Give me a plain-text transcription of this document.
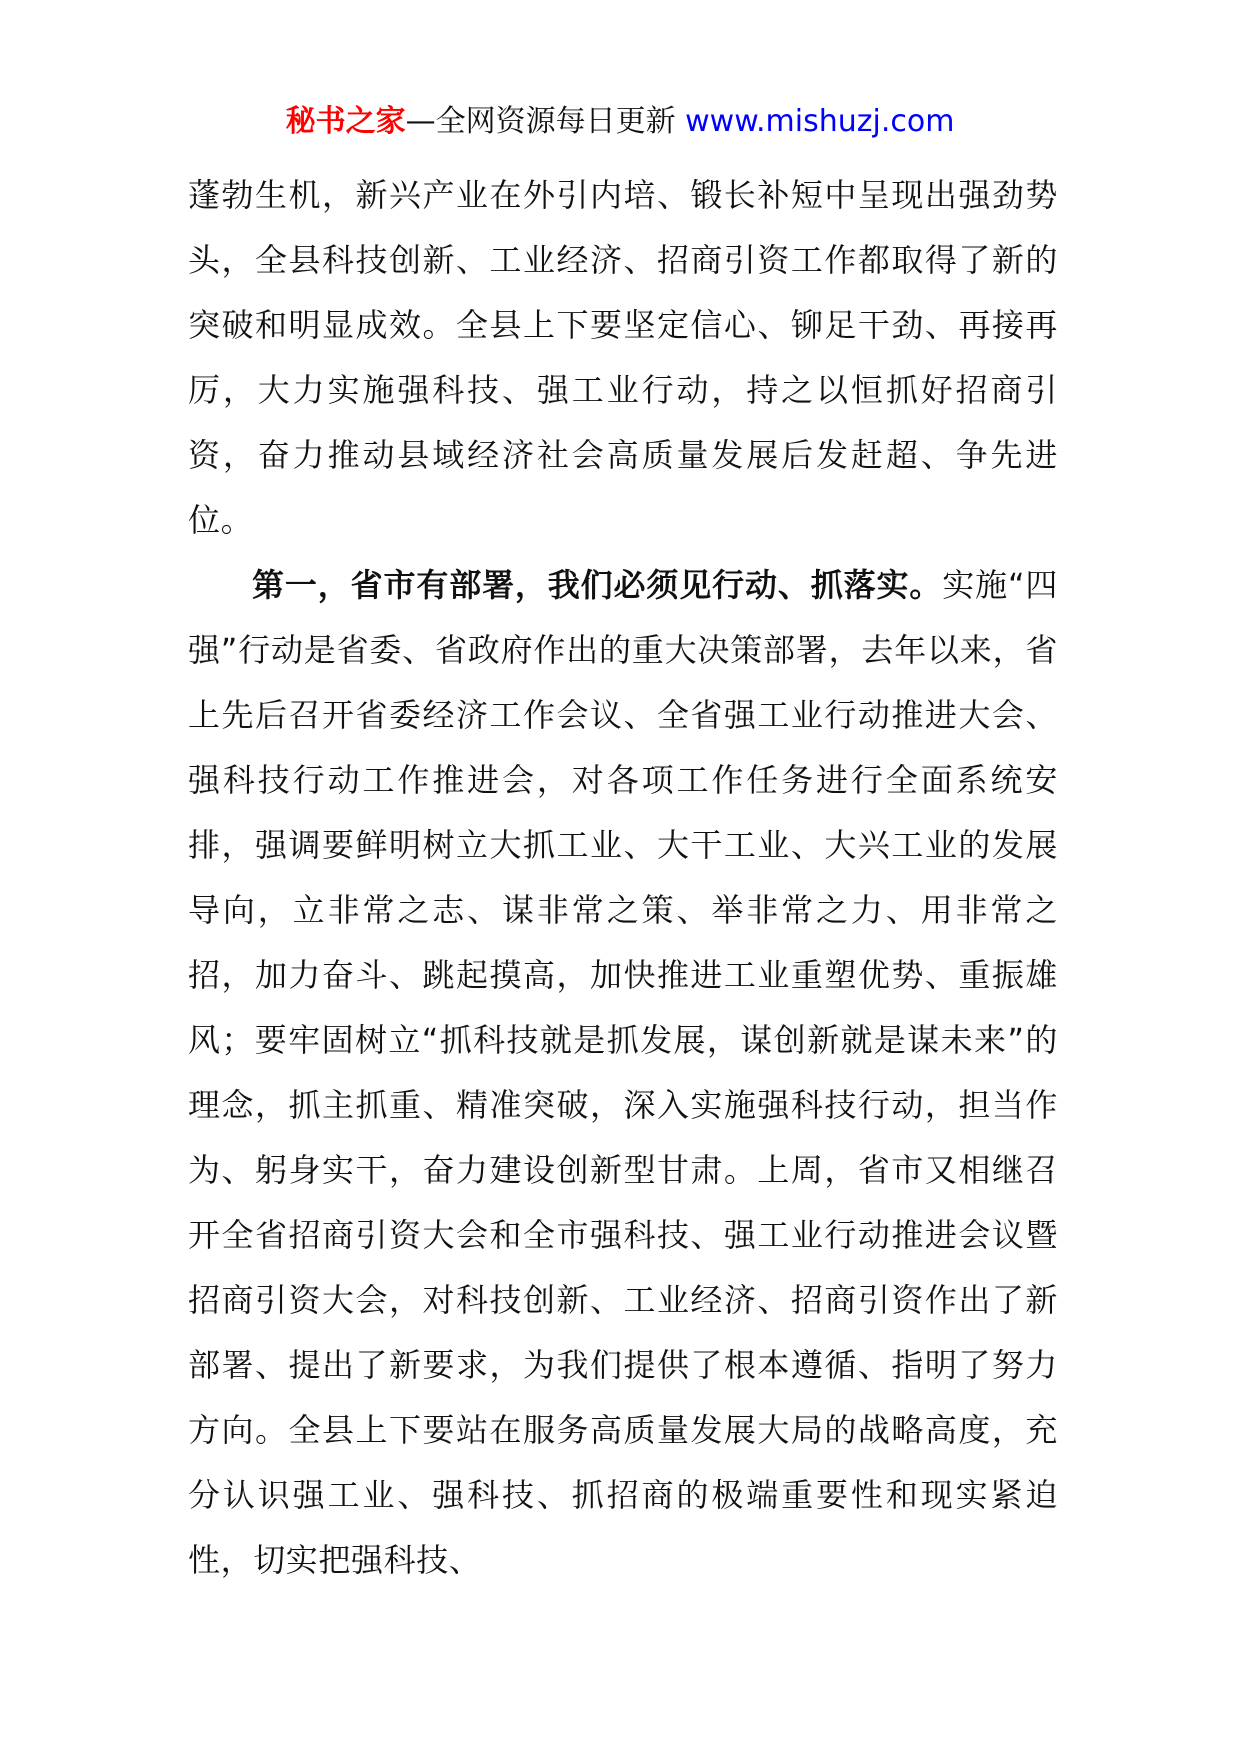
秘书之家—全网资源每日更新 www.mishuzj.com

蓬勃生机，新兴产业在外引内培、锻长补短中呈现出强劲势头，全县科技创新、工业经济、招商引资工作都取得了新的突破和明显成效。全县上下要坚定信心、铆足干劲、再接再厉，大力实施强科技、强工业行动，持之以恒抓好招商引资，奋力推动县域经济社会高质量发展后发赶超、争先进位。

第一，省市有部署，我们必须见行动、抓落实。实施“四强”行动是省委、省政府作出的重大决策部署，去年以来，省上先后召开省委经济工作会议、全省强工业行动推进大会、强科技行动工作推进会，对各项工作任务进行全面系统安排，强调要鲜明树立大抓工业、大干工业、大兴工业的发展导向，立非常之志、谋非常之策、举非常之力、用非常之招，加力奋斗、跳起摸高，加快推进工业重塑优势、重振雄风；要牢固树立“抓科技就是抓发展，谋创新就是谋未来”的理念，抓主抓重、精准突破，深入实施强科技行动，担当作为、躬身实干，奋力建设创新型甘肃。上周，省市又相继召开全省招商引资大会和全市强科技、强工业行动推进会议暨招商引资大会，对科技创新、工业经济、招商引资作出了新部署、提出了新要求，为我们提供了根本遵循、指明了努力方向。全县上下要站在服务高质量发展大局的战略高度，充分认识强工业、强科技、抓招商的极端重要性和现实紧迫性，切实把强科技、
